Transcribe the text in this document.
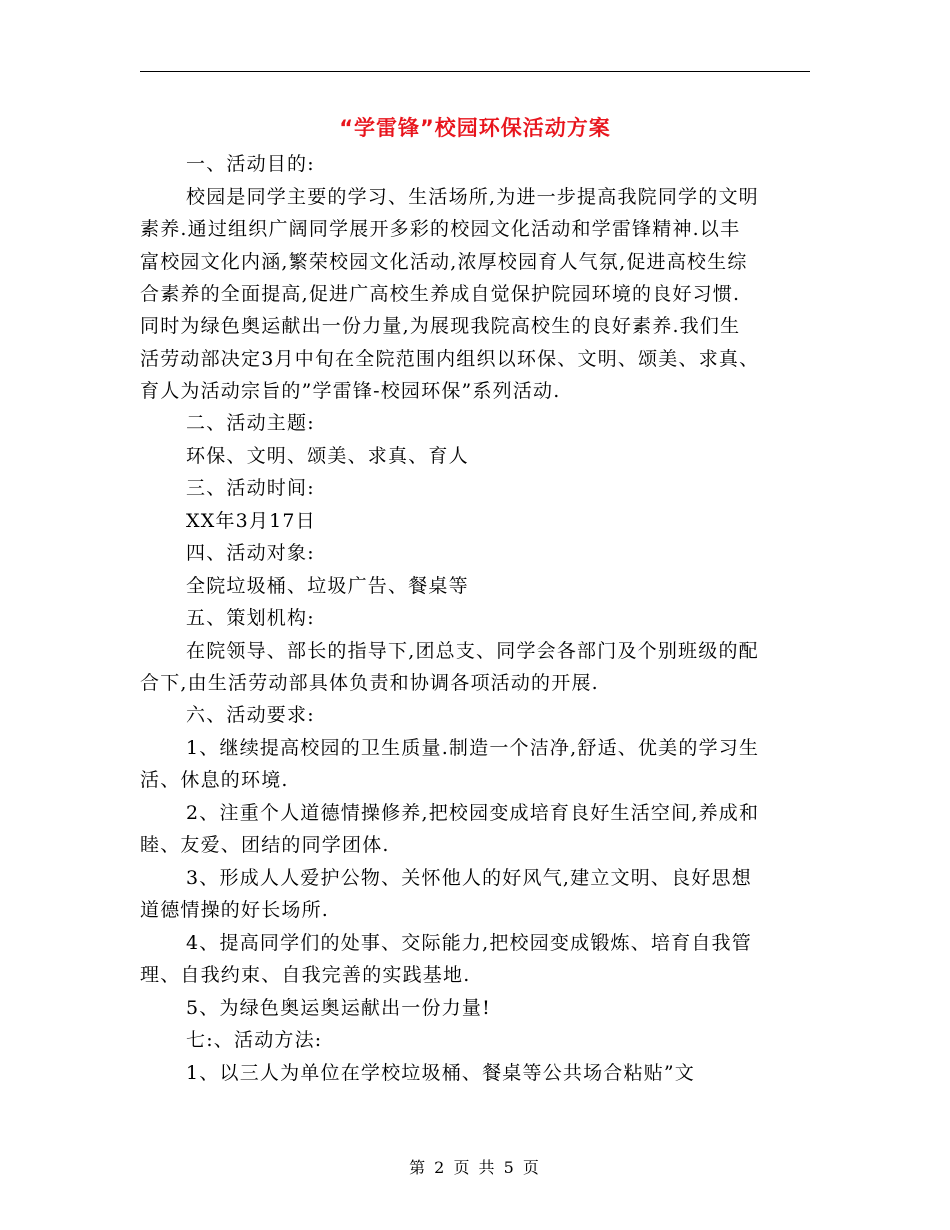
“学雷锋”校园环保活动方案
一、活动目的:
校园是同学主要的学习、生活场所,为进一步提高我院同学的文明
素养.通过组织广阔同学展开多彩的校园文化活动和学雷锋精神.以丰
富校园文化内涵,繁荣校园文化活动,浓厚校园育人气氛,促进高校生综
合素养的全面提高,促进广高校生养成自觉保护院园环境的良好习惯.
同时为绿色奥运献出一份力量,为展现我院高校生的良好素养.我们生
活劳动部决定3月中旬在全院范围内组织以环保、文明、颂美、求真、
育人为活动宗旨的”学雷锋-校园环保”系列活动.
二、活动主题:
环保、文明、颂美、求真、育人
三、活动时间:
XX年3月17日
四、活动对象:
全院垃圾桶、垃圾广告、餐桌等
五、策划机构:
在院领导、部长的指导下,团总支、同学会各部门及个别班级的配
合下,由生活劳动部具体负责和协调各项活动的开展.
六、活动要求:
1、继续提高校园的卫生质量.制造一个洁净,舒适、优美的学习生
活、休息的环境.
2、注重个人道德情操修养,把校园变成培育良好生活空间,养成和
睦、友爱、团结的同学团体.
3、形成人人爱护公物、关怀他人的好风气,建立文明、良好思想
道德情操的好长场所.
4、提高同学们的处事、交际能力,把校园变成锻炼、培育自我管
理、自我约束、自我完善的实践基地.
5、为绿色奥运奥运献出一份力量!
七:、活动方法:
1、以三人为单位在学校垃圾桶、餐桌等公共场合粘贴”文
第 2 页 共 5 页
